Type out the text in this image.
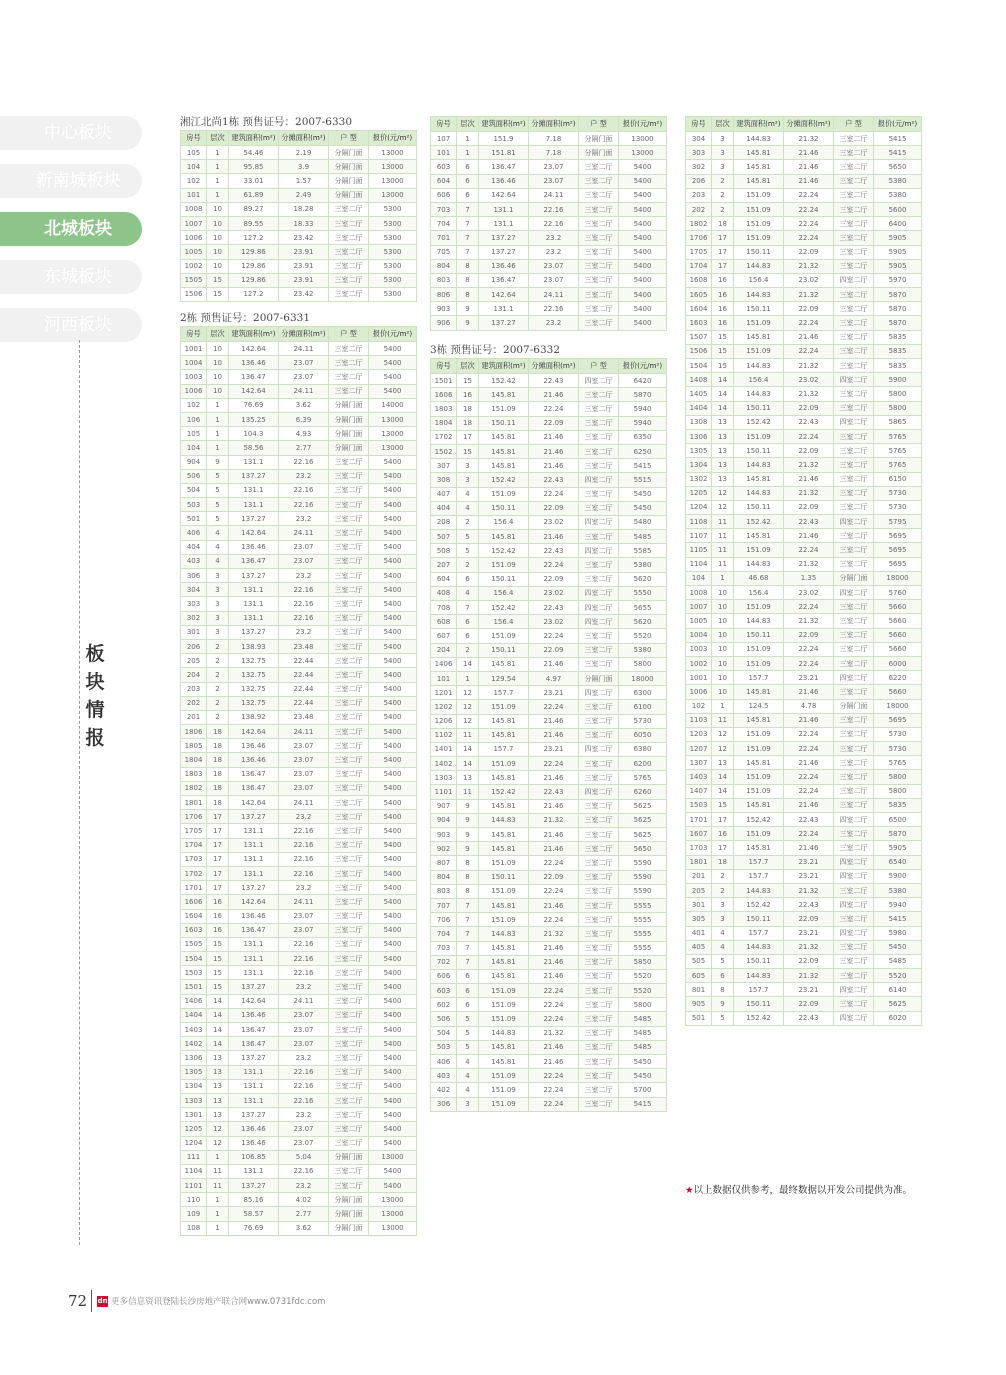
中心板块
新南城板块
北城板块
东城板块
河西板块
板
块
情
报
湘江北尚1栋 预售证号：2007-6330
房号	层次	建筑面积(m²)	分摊面积(m²)	户 型	报价(元/m²)
105	1	54.46	2.19	分隔门面	13000
104	1	95.85	3.9	分隔门面	13000
102	1	33.01	1.57	分隔门面	13000
101	1	61.89	2.49	分隔门面	13000
1008	10	89.27	18.28	三室二厅	5300
1007	10	89.55	18.33	三室二厅	5300
1006	10	127.2	23.42	三室二厅	5300
1005	10	129.86	23.91	三室二厅	5300
1002	10	129.86	23.91	三室二厅	5300
1505	15	129.86	23.91	三室二厅	5300
1506	15	127.2	23.42	三室二厅	5300
2栋 预售证号：2007-6331
房号	层次	建筑面积(m²)	分摊面积(m²)	户 型	报价(元/m²)
1001	10	142.64	24.11	三室二厅	5400
1004	10	136.46	23.07	三室二厅	5400
1003	10	136.47	23.07	三室二厅	5400
1006	10	142.64	24.11	三室二厅	5400
102	1	76.69	3.62	分隔门面	14000
106	1	135.25	6.39	分隔门面	13000
105	1	104.3	4.93	分隔门面	13000
104	1	58.56	2.77	分隔门面	13000
904	9	131.1	22.16	三室二厅	5400
506	5	137.27	23.2	三室二厅	5400
504	5	131.1	22.16	三室二厅	5400
503	5	131.1	22.16	三室二厅	5400
501	5	137.27	23.2	三室二厅	5400
406	4	142.64	24.11	三室二厅	5400
404	4	136.46	23.07	三室二厅	5400
403	4	136.47	23.07	三室二厅	5400
306	3	137.27	23.2	三室二厅	5400
304	3	131.1	22.16	三室二厅	5400
303	3	131.1	22.16	三室二厅	5400
302	3	131.1	22.16	三室二厅	5400
301	3	137.27	23.2	三室二厅	5400
206	2	138.93	23.48	三室二厅	5400
205	2	132.75	22.44	三室二厅	5400
204	2	132.75	22.44	三室二厅	5400
203	2	132.75	22.44	三室二厅	5400
202	2	132.75	22.44	三室二厅	5400
201	2	138.92	23.48	三室二厅	5400
1806	18	142.64	24.11	三室二厅	5400
1805	18	136.46	23.07	三室二厅	5400
1804	18	136.46	23.07	三室二厅	5400
1803	18	136.47	23.07	三室二厅	5400
1802	18	136.47	23.07	三室二厅	5400
1801	18	142.64	24.11	三室二厅	5400
1706	17	137.27	23.2	三室二厅	5400
1705	17	131.1	22.16	三室二厅	5400
1704	17	131.1	22.16	三室二厅	5400
1703	17	131.1	22.16	三室二厅	5400
1702	17	131.1	22.16	三室二厅	5400
1701	17	137.27	23.2	三室二厅	5400
1606	16	142.64	24.11	三室二厅	5400
1604	16	136.46	23.07	三室二厅	5400
1603	16	136.47	23.07	三室二厅	5400
1505	15	131.1	22.16	三室二厅	5400
1504	15	131.1	22.16	三室二厅	5400
1503	15	131.1	22.16	三室二厅	5400
1501	15	137.27	23.2	三室二厅	5400
1406	14	142.64	24.11	三室二厅	5400
1404	14	136.46	23.07	三室二厅	5400
1403	14	136.47	23.07	三室二厅	5400
1402	14	136.47	23.07	三室二厅	5400
1306	13	137.27	23.2	三室二厅	5400
1305	13	131.1	22.16	三室二厅	5400
1304	13	131.1	22.16	三室二厅	5400
1303	13	131.1	22.16	三室二厅	5400
1301	13	137.27	23.2	三室二厅	5400
1205	12	136.46	23.07	三室二厅	5400
1204	12	136.46	23.07	三室二厅	5400
111	1	106.85	5.04	分隔门面	13000
1104	11	131.1	22.16	三室二厅	5400
1101	11	137.27	23.2	三室二厅	5400
110	1	85.16	4.02	分隔门面	13000
109	1	58.57	2.77	分隔门面	13000
108	1	76.69	3.62	分隔门面	13000
房号	层次	建筑面积(m²)	分摊面积(m²)	户 型	报价(元/m²)
107	1	151.9	7.18	分隔门面	13000
101	1	151.81	7.18	分隔门面	13000
603	6	136.47	23.07	三室二厅	5400
604	6	136.46	23.07	三室二厅	5400
606	6	142.64	24.11	三室二厅	5400
703	7	131.1	22.16	三室二厅	5400
704	7	131.1	22.16	三室二厅	5400
701	7	137.27	23.2	三室二厅	5400
705	7	137.27	23.2	三室二厅	5400
804	8	136.46	23.07	三室二厅	5400
803	8	136.47	23.07	三室二厅	5400
806	8	142.64	24.11	三室二厅	5400
903	9	131.1	22.16	三室二厅	5400
906	9	137.27	23.2	三室二厅	5400
3栋 预售证号：2007-6332
房号	层次	建筑面积(m²)	分摊面积(m²)	户 型	报价(元/m²)
1501	15	152.42	22.43	四室二厅	6420
1606	16	145.81	21.46	三室二厅	5870
1803	18	151.09	22.24	三室二厅	5940
1804	18	150.11	22.09	三室二厅	5940
1702	17	145.81	21.46	三室二厅	6350
1502	15	145.81	21.46	三室二厅	6250
307	3	145.81	21.46	三室二厅	5415
308	3	152.42	22.43	四室二厅	5515
407	4	151.09	22.24	三室二厅	5450
404	4	150.11	22.09	三室二厅	5450
208	2	156.4	23.02	四室二厅	5480
507	5	145.81	21.46	三室二厅	5485
508	5	152.42	22.43	四室二厅	5585
207	2	151.09	22.24	三室二厅	5380
604	6	150.11	22.09	三室二厅	5620
408	4	156.4	23.02	四室二厅	5550
708	7	152.42	22.43	四室二厅	5655
608	6	156.4	23.02	四室二厅	5620
607	6	151.09	22.24	三室二厅	5520
204	2	150.11	22.09	三室二厅	5380
1406	14	145.81	21.46	三室二厅	5800
101	1	129.54	4.97	分隔门面	18000
1201	12	157.7	23.21	四室二厅	6300
1202	12	151.09	22.24	三室二厅	6100
1206	12	145.81	21.46	三室二厅	5730
1102	11	145.81	21.46	三室二厅	6050
1401	14	157.7	23.21	四室二厅	6380
1402	14	151.09	22.24	三室二厅	6200
1303	13	145.81	21.46	三室二厅	5765
1101	11	152.42	22.43	四室二厅	6260
907	9	145.81	21.46	三室二厅	5625
904	9	144.83	21.32	三室二厅	5625
903	9	145.81	21.46	三室二厅	5625
902	9	145.81	21.46	三室二厅	5650
807	8	151.09	22.24	三室二厅	5590
804	8	150.11	22.09	三室二厅	5590
803	8	151.09	22.24	三室二厅	5590
707	7	145.81	21.46	三室二厅	5555
706	7	151.09	22.24	三室二厅	5555
704	7	144.83	21.32	三室二厅	5555
703	7	145.81	21.46	三室二厅	5555
702	7	145.81	21.46	三室二厅	5850
606	6	145.81	21.46	三室二厅	5520
603	6	151.09	22.24	三室二厅	5520
602	6	151.09	22.24	三室二厅	5800
506	5	151.09	22.24	三室二厅	5485
504	5	144.83	21.32	三室二厅	5485
503	5	145.81	21.46	三室二厅	5485
406	4	145.81	21.46	三室二厅	5450
403	4	151.09	22.24	三室二厅	5450
402	4	151.09	22.24	三室二厅	5700
306	3	151.09	22.24	三室二厅	5415
房号	层次	建筑面积(m²)	分摊面积(m²)	户 型	报价(元/m²)
304	3	144.83	21.32	三室二厅	5415
303	3	145.81	21.46	三室二厅	5415
302	3	145.81	21.46	三室二厅	5650
206	2	145.81	21.46	三室二厅	5380
203	2	151.09	22.24	三室二厅	5380
202	2	151.09	22.24	三室二厅	5600
1802	18	151.09	22.24	三室二厅	6400
1706	17	151.09	22.24	三室二厅	5905
1705	17	150.11	22.09	三室二厅	5905
1704	17	144.83	21.32	三室二厅	5905
1608	16	156.4	23.02	四室二厅	5970
1605	16	144.83	21.32	三室二厅	5870
1604	16	150.11	22.09	三室二厅	5870
1603	16	151.09	22.24	三室二厅	5870
1507	15	145.81	21.46	三室二厅	5835
1506	15	151.09	22.24	三室二厅	5835
1504	15	144.83	21.32	三室二厅	5835
1408	14	156.4	23.02	四室二厅	5900
1405	14	144.83	21.32	三室二厅	5800
1404	14	150.11	22.09	三室二厅	5800
1308	13	152.42	22.43	四室二厅	5865
1306	13	151.09	22.24	三室二厅	5765
1305	13	150.11	22.09	三室二厅	5765
1304	13	144.83	21.32	三室二厅	5765
1302	13	145.81	21.46	三室二厅	6150
1205	12	144.83	21.32	三室二厅	5730
1204	12	150.11	22.09	三室二厅	5730
1108	11	152.42	22.43	四室二厅	5795
1107	11	145.81	21.46	三室二厅	5695
1105	11	151.09	22.24	三室二厅	5695
1104	11	144.83	21.32	三室二厅	5695
104	1	46.68	1.35	分隔门面	18000
1008	10	156.4	23.02	四室二厅	5760
1007	10	151.09	22.24	三室二厅	5660
1005	10	144.83	21.32	三室二厅	5660
1004	10	150.11	22.09	三室二厅	5660
1003	10	151.09	22.24	三室二厅	5660
1002	10	151.09	22.24	三室二厅	6000
1001	10	157.7	23.21	四室二厅	6220
1006	10	145.81	21.46	三室二厅	5660
102	1	124.5	4.78	分隔门面	18000
1103	11	145.81	21.46	三室二厅	5695
1203	12	151.09	22.24	三室二厅	5730
1207	12	151.09	22.24	三室二厅	5730
1307	13	145.81	21.46	三室二厅	5765
1403	14	151.09	22.24	三室二厅	5800
1407	14	151.09	22.24	三室二厅	5800
1503	15	145.81	21.46	三室二厅	5835
1701	17	152.42	22.43	四室二厅	6500
1607	16	151.09	22.24	三室二厅	5870
1703	17	145.81	21.46	三室二厅	5905
1801	18	157.7	23.21	四室二厅	6540
201	2	157.7	23.21	四室二厅	5900
205	2	144.83	21.32	三室二厅	5380
301	3	152.42	22.43	四室二厅	5940
305	3	150.11	22.09	三室二厅	5415
401	4	157.7	23.21	四室二厅	5980
405	4	144.83	21.32	三室二厅	5450
505	5	150.11	22.09	三室二厅	5485
605	6	144.83	21.32	三室二厅	5520
801	8	157.7	23.21	四室二厅	6140
905	9	150.11	22.09	三室二厅	5625
501	5	152.42	22.43	四室二厅	6020
★以上数据仅供参考，最终数据以开发公司提供为准。
72 dn 更多信息资讯登陆长沙房地产联合网www.0731fdc.com
